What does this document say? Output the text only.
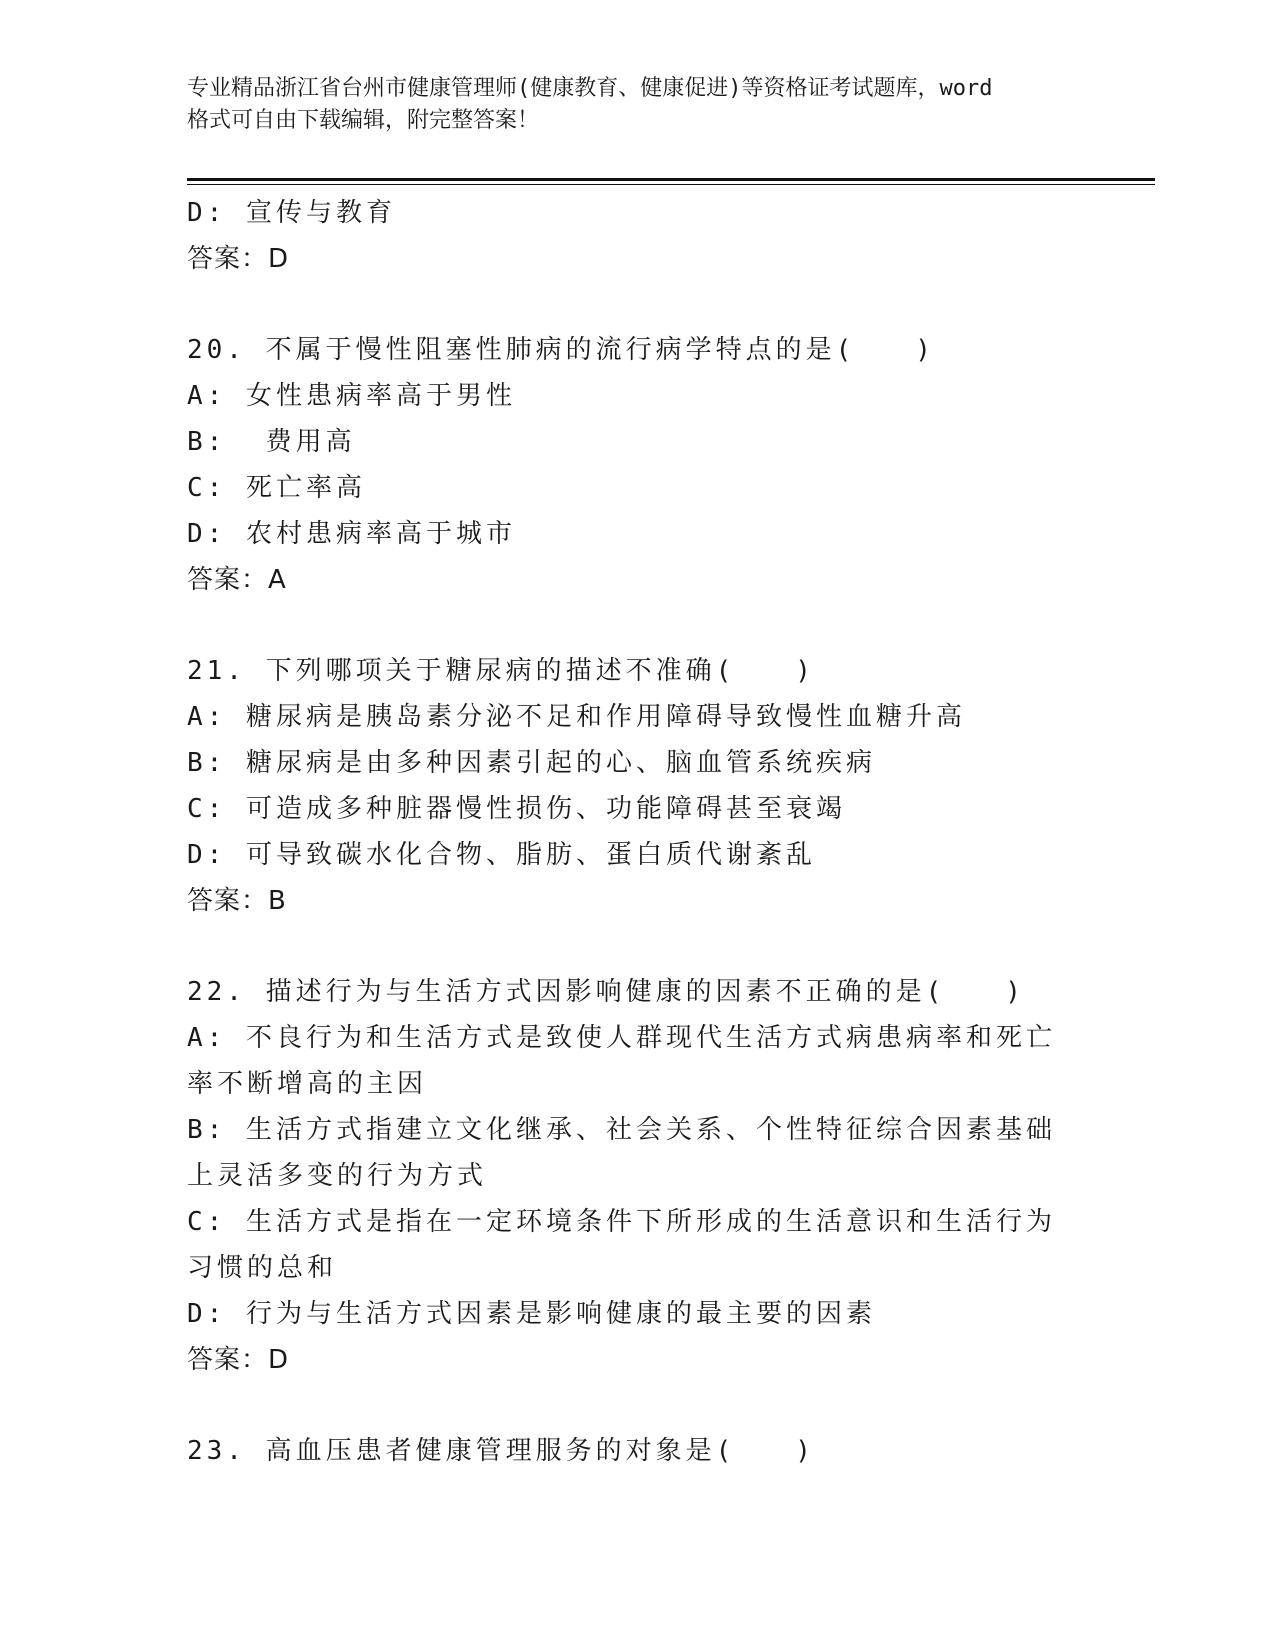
专业精品浙江省台州市健康管理师(健康教育、健康促进)等资格证考试题库，word
格式可自由下载编辑，附完整答案！
D: 宣传与教育
答案：D
20. 不属于慢性阻塞性肺病的流行病学特点的是(　　)
A: 女性患病率高于男性
B:  费用高
C: 死亡率高
D: 农村患病率高于城市
答案：A
21. 下列哪项关于糖尿病的描述不准确(　　)
A: 糖尿病是胰岛素分泌不足和作用障碍导致慢性血糖升高
B: 糖尿病是由多种因素引起的心、脑血管系统疾病
C: 可造成多种脏器慢性损伤、功能障碍甚至衰竭
D: 可导致碳水化合物、脂肪、蛋白质代谢紊乱
答案：B
22. 描述行为与生活方式因影响健康的因素不正确的是(　　)
A: 不良行为和生活方式是致使人群现代生活方式病患病率和死亡率不断增高的主因
B: 生活方式指建立文化继承、社会关系、个性特征综合因素基础上灵活多变的行为方式
C: 生活方式是指在一定环境条件下所形成的生活意识和生活行为习惯的总和
D: 行为与生活方式因素是影响健康的最主要的因素
答案：D
23. 高血压患者健康管理服务的对象是(　　)
